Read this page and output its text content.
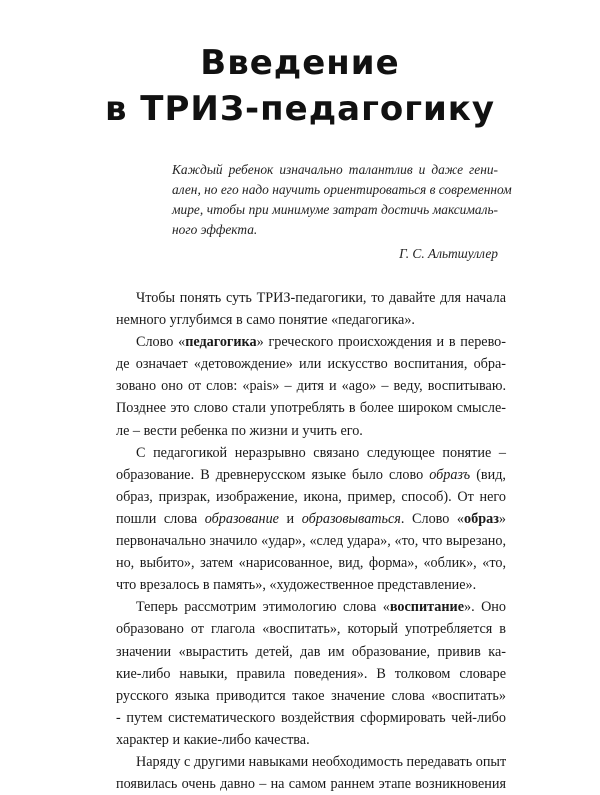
Введение
в ТРИЗ-педагогику
Каждый ребенок изначально талантлив и даже гени-
ален, но его надо научить ориентироваться в современном
мире, чтобы при минимуме затрат достичь максималь-
ного эффекта.
Г. С. Альтшуллер
Чтобы понять суть ТРИЗ-педагогики, то давайте для начала
немного углубимся в само понятие «педагогика».
Слово «педагогика» греческого происхождения и в перево-
де означает «детовождение» или искусство воспитания, обра-
зовано оно от слов: «pais» – дитя и «ago» – веду, воспитываю.
Позднее это слово стали употреблять в более широком смысле-
ле – вести ребенка по жизни и учить его.
С педагогикой неразрывно связано следующее понятие –
образование. В древнерусском языке было слово образъ (вид,
образ, призрак, изображение, икона, пример, способ). От него
пошли слова образование и образовываться. Слово «образ»
первоначально значило «удар», «след удара», «то, что вырезано,
но, выбито», затем «нарисованное, вид, форма», «облик», «то,
что врезалось в память», «художественное представление».
Теперь рассмотрим этимологию слова «воспитание». Оно
образовано от глагола «воспитать», который употребляется в
значении «вырастить детей, дав им образование, привив ка-
кие-либо навыки, правила поведения». В толковом словаре
русского языка приводится такое значение слова «воспитать»
- путем систематического воздействия сформировать чей-либо
характер и какие-либо качества.
Наряду с другими навыками необходимость передавать опыт
появилась очень давно – на самом раннем этапе возникновения
